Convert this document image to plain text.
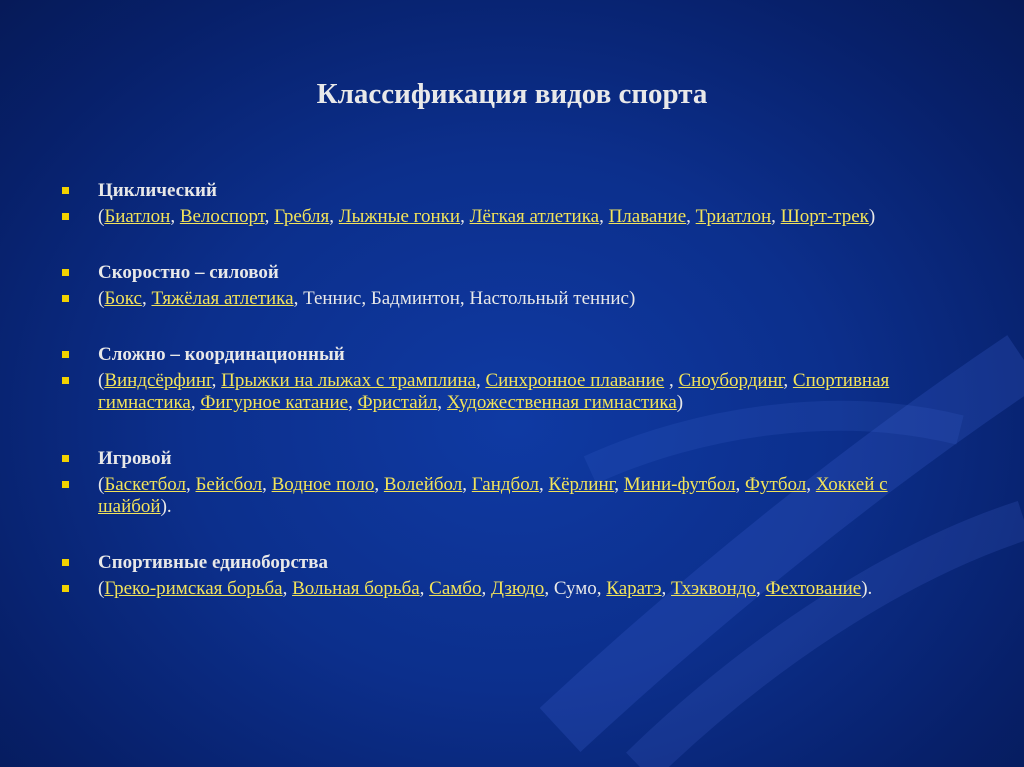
Классификация видов спорта
Циклический
(Биатлон, Велоспорт, Гребля, Лыжные гонки, Лёгкая атлетика, Плавание, Триатлон, Шорт-трек)
Скоростно – силовой
(Бокс, Тяжёлая атлетика, Теннис, Бадминтон, Настольный теннис)
Сложно – координационный
(Виндсёрфинг, Прыжки на лыжах с трамплина, Синхронное плавание , Сноубординг, Спортивная гимнастика, Фигурное катание, Фристайл, Художественная гимнастика)
Игровой
(Баскетбол, Бейсбол, Водное поло, Волейбол, Гандбол, Кёрлинг, Мини-футбол, Футбол, Хоккей с шайбой).
Спортивные единоборства
(Греко-римская борьба, Вольная борьба, Самбо, Дзюдо, Сумо, Каратэ, Тхэквондо, Фехтование).
